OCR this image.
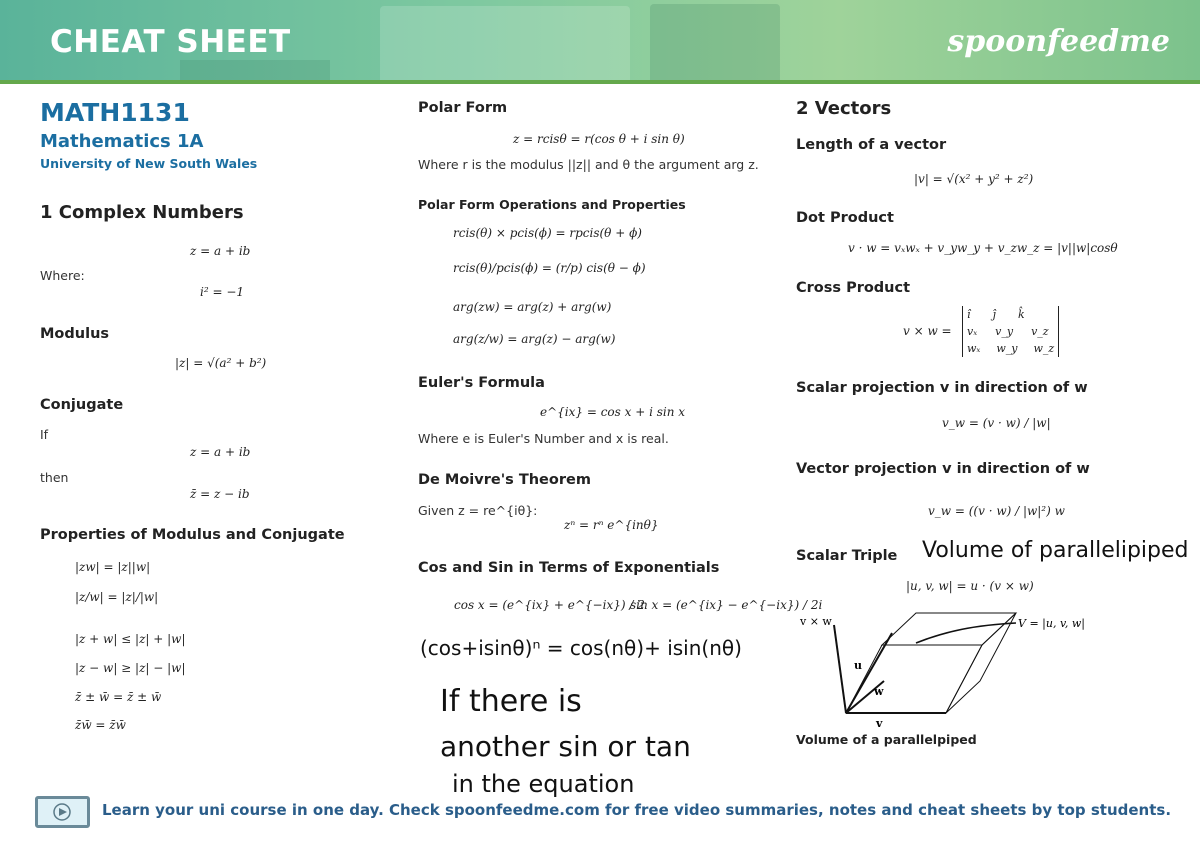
CHEAT SHEET	spoonfeedme
MATH1131
Mathematics 1A
University of New South Wales
1 Complex Numbers
z = a + ib
Where:
i² = −1
Modulus
|z| = √(a² + b²)
Conjugate
If
z = a + ib
then
z̄ = z − ib
Properties of Modulus and Conjugate
|zw| = |z||w|
|z/w| = |z|/|w|
|z + w| ≤ |z| + |w|
|z − w| ≥ |z| − |w|
z̄ ± w̄ = z̄ ± w̄
z̄w̄ = z̄w̄
Polar Form
z = rcisθ = r(cos θ + i sin θ)
Where r is the modulus ||z|| and θ the argument arg z.
Polar Form Operations and Properties
rcis(θ) × pcis(ϕ) = rpcis(θ + ϕ)
rcis(θ)/pcis(ϕ) = (r/p) cis(θ − ϕ)
arg(zw) = arg(z) + arg(w)
arg(z/w) = arg(z) − arg(w)
Euler's Formula
e^{ix} = cos x + i sin x
Where e is Euler's Number and x is real.
De Moivre's Theorem
Given z = re^{iθ}:
zⁿ = rⁿ e^{inθ}
Cos and Sin in Terms of Exponentials
cos x = (e^{ix} + e^{−ix}) / 2
sin x = (e^{ix} − e^{−ix}) / 2i
(cos+isinθ)ⁿ = cos(nθ)+ isin(nθ)
If there is
another sin or tan
in the equation
2 Vectors
Length of a vector
|v| = √(x² + y² + z²)
Dot Product
v · w = vₓwₓ + v_yw_y + v_zw_z = |v||w|cosθ
Cross Product
v × w =
î ĵ k̂
vₓ v_y v_z
wₓ w_y w_z
Scalar projection v in direction of w
v_w = (v · w) / |w|
Vector projection v in direction of w
v_w = ((v · w) / |w|²) w
Scalar Triple Volume of parallelipiped
|u, v, w| = u · (v × w)
v × w
u
w
v
V = |u, v, w|
Volume of a parallelpiped
Learn your uni course in one day. Check spoonfeedme.com for free video summaries, notes and cheat sheets by top students.
